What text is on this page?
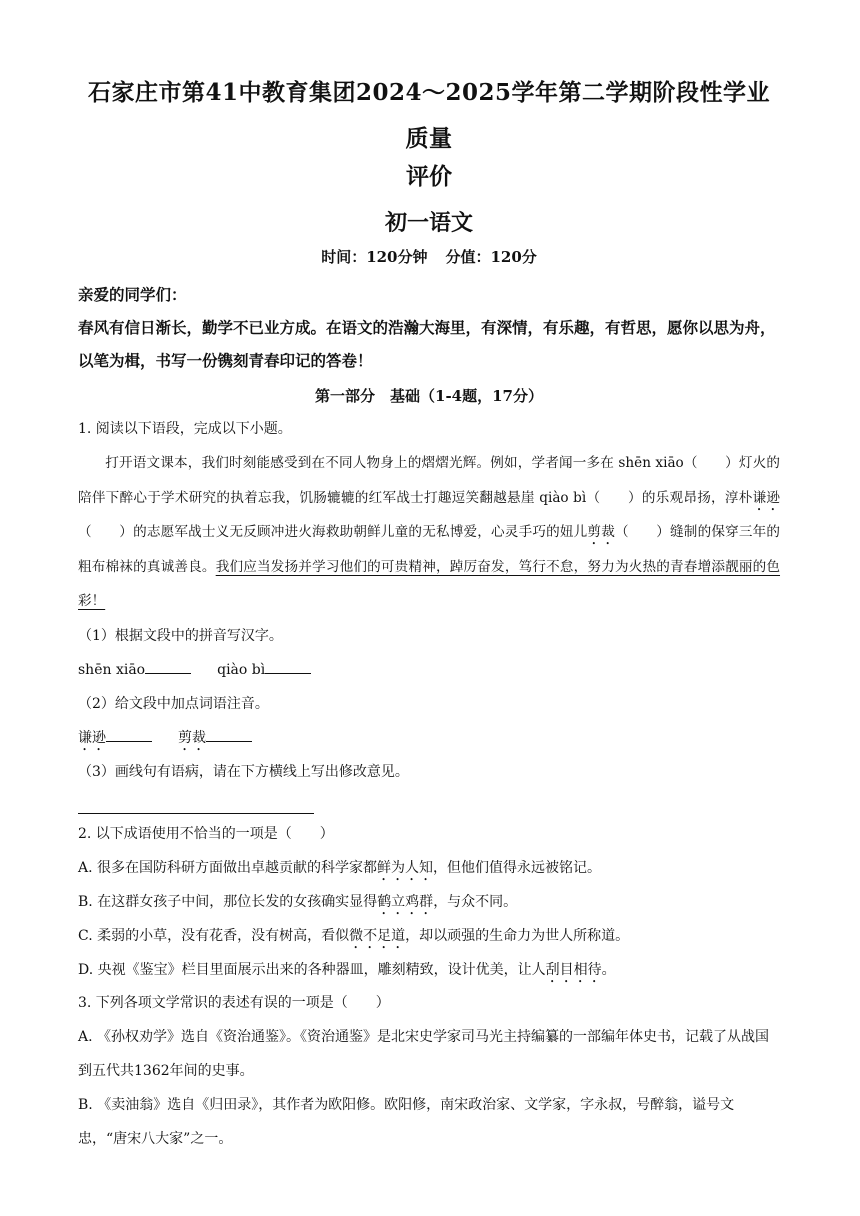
石家庄市第41中教育集团2024～2025学年第二学期阶段性学业质量

评价

初一语文

时间：120分钟 分值：120分

亲爱的同学们：

春风有信日渐长，勤学不已业方成。在语文的浩瀚大海里，有深情，有乐趣，有哲思，愿你以思为舟，以笔为楫，书写一份镌刻青春印记的答卷！

第一部分　基础（1-4题，17分）

1. 阅读以下语段，完成以下小题。

打开语文课本，我们时刻能感受到在不同人物身上的熠熠光辉。例如，学者闻一多在 shēn xiāo（　　）灯火的陪伴下醉心于学术研究的执着忘我，饥肠辘辘的红军战士打趣逗笑翻越悬崖 qiào bì（　　）的乐观昂扬，淳朴谦逊（　　）的志愿军战士义无反顾冲进火海救助朝鲜儿童的无私博爱，心灵手巧的妞儿剪裁（　　）缝制的保穿三年的粗布棉袜的真诚善良。我们应当发扬并学习他们的可贵精神，踔厉奋发，笃行不怠，努力为火热的青春增添靓丽的色彩！

（1）根据文段中的拼音写汉字。

shēn xiāo	qiào bì

（2）给文段中加点词语注音。

谦逊	剪裁

（3）画线句有语病，请在下方横线上写出修改意见。

2. 以下成语使用不恰当的一项是（　　）

A. 很多在国防科研方面做出卓越贡献的科学家都鲜为人知，但他们值得永远被铭记。

B. 在这群女孩子中间，那位长发的女孩确实显得鹤立鸡群，与众不同。

C. 柔弱的小草，没有花香，没有树高，看似微不足道，却以顽强的生命力为世人所称道。

D. 央视《鉴宝》栏目里面展示出来的各种器皿，雕刻精致，设计优美，让人刮目相待。

3. 下列各项文学常识的表述有误的一项是（　　）

A. 《孙权劝学》选自《资治通鉴》。《资治通鉴》是北宋史学家司马光主持编纂的一部编年体史书，记载了从战国到五代共1362年间的史事。

B. 《卖油翁》选自《归田录》，其作者为欧阳修。欧阳修，南宋政治家、文学家，字永叔，号醉翁，谥号文忠，“唐宋八大家”之一。
